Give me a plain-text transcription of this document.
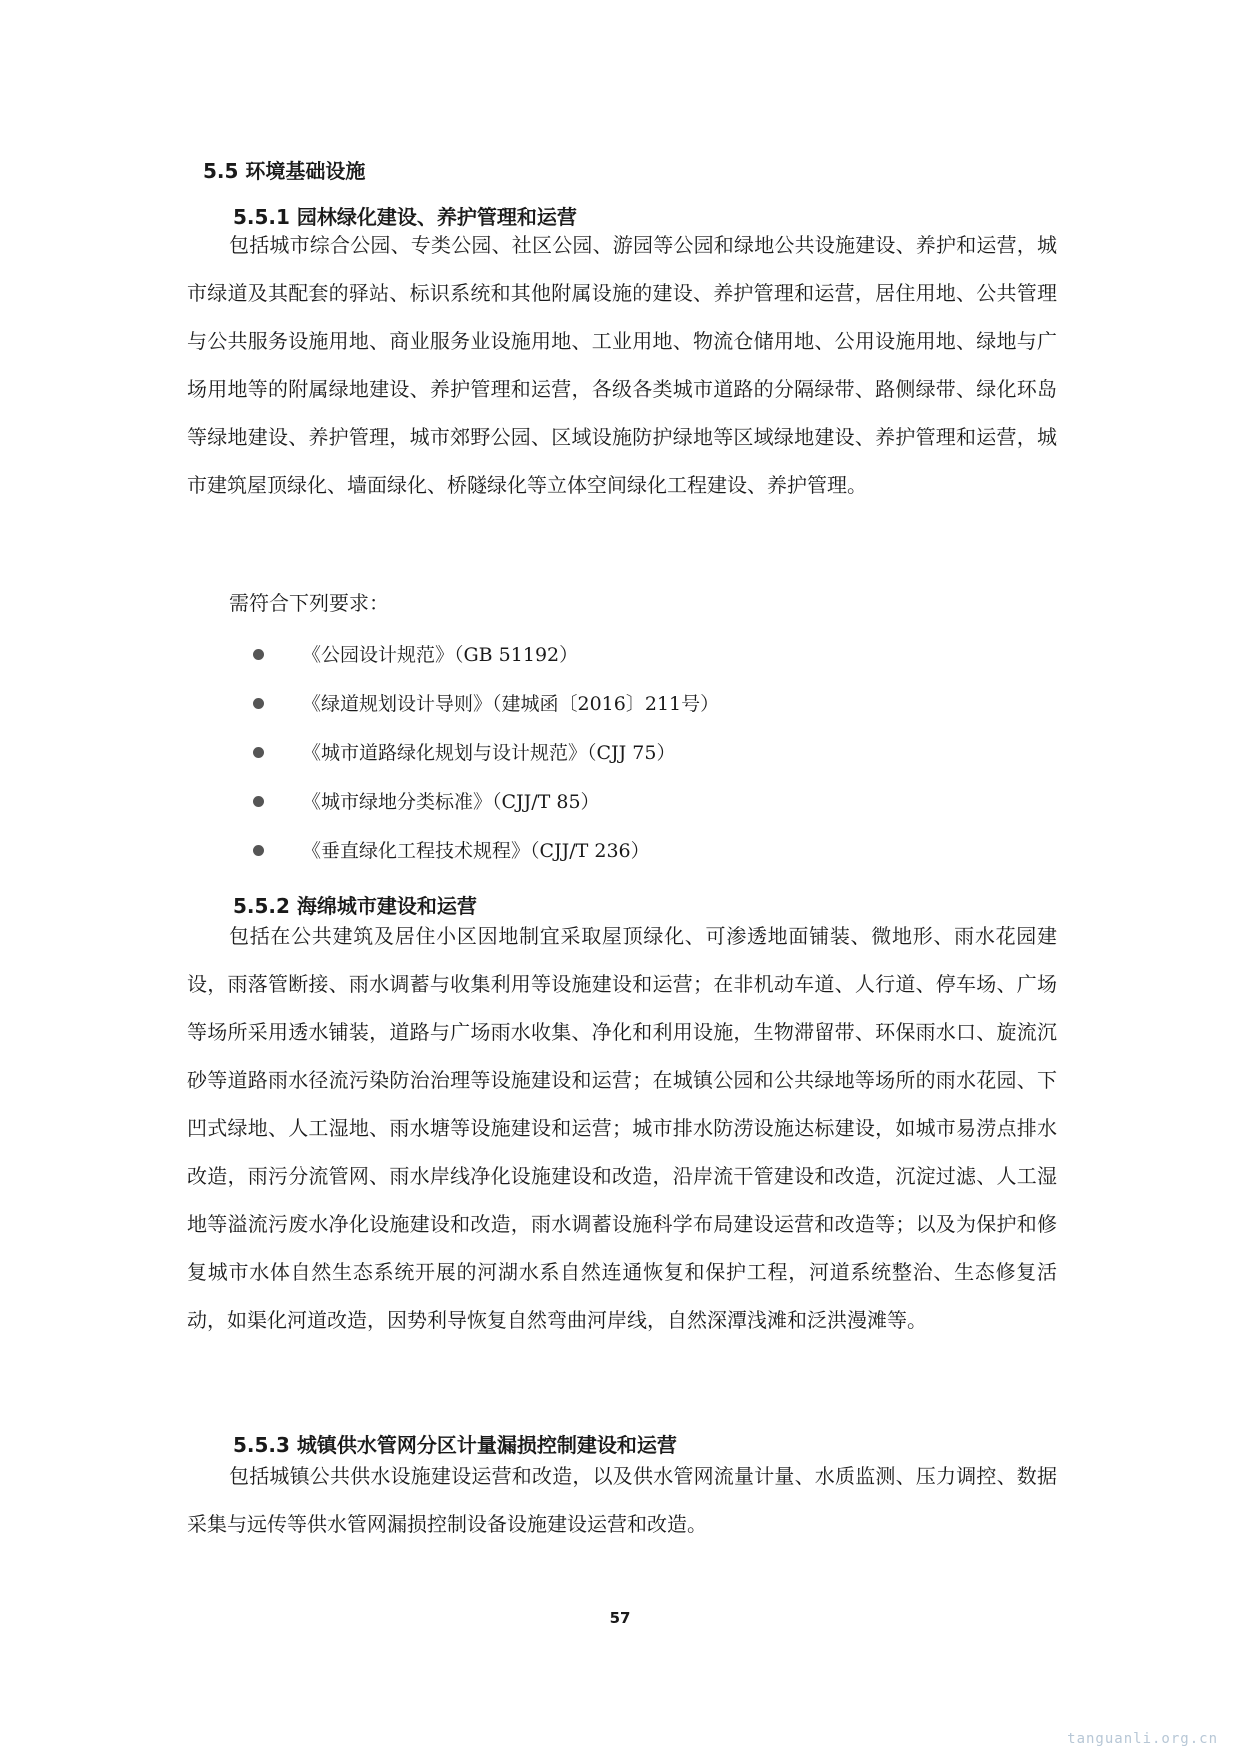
5.5 环境基础设施
5.5.1 园林绿化建设、养护管理和运营

包括城市综合公园、专类公园、社区公园、游园等公园和绿地公共设施建设、养护和运营，城市绿道及其配套的驿站、标识系统和其他附属设施的建设、养护管理和运营，居住用地、公共管理与公共服务设施用地、商业服务业设施用地、工业用地、物流仓储用地、公用设施用地、绿地与广场用地等的附属绿地建设、养护管理和运营，各级各类城市道路的分隔绿带、路侧绿带、绿化环岛等绿地建设、养护管理，城市郊野公园、区域设施防护绿地等区域绿地建设、养护管理和运营，城市建筑屋顶绿化、墙面绿化、桥隧绿化等立体空间绿化工程建设、养护管理。

需符合下列要求：
《公园设计规范》（GB 51192）
《绿道规划设计导则》（建城函〔2016〕211号）
《城市道路绿化规划与设计规范》（CJJ 75）
《城市绿地分类标准》（CJJ/T 85）
《垂直绿化工程技术规程》（CJJ/T 236）
5.5.2 海绵城市建设和运营

包括在公共建筑及居住小区因地制宜采取屋顶绿化、可渗透地面铺装、微地形、雨水花园建设，雨落管断接、雨水调蓄与收集利用等设施建设和运营；在非机动车道、人行道、停车场、广场等场所采用透水铺装，道路与广场雨水收集、净化和利用设施，生物滞留带、环保雨水口、旋流沉砂等道路雨水径流污染防治治理等设施建设和运营；在城镇公园和公共绿地等场所的雨水花园、下凹式绿地、人工湿地、雨水塘等设施建设和运营；城市排水防涝设施达标建设，如城市易涝点排水改造，雨污分流管网、雨水岸线净化设施建设和改造，沿岸流干管建设和改造，沉淀过滤、人工湿地等溢流污废水净化设施建设和改造，雨水调蓄设施科学布局建设运营和改造等；以及为保护和修复城市水体自然生态系统开展的河湖水系自然连通恢复和保护工程，河道系统整治、生态修复活动，如渠化河道改造，因势利导恢复自然弯曲河岸线，自然深潭浅滩和泛洪漫滩等。

5.5.3 城镇供水管网分区计量漏损控制建设和运营

包括城镇公共供水设施建设运营和改造，以及供水管网流量计量、水质监测、压力调控、数据采集与远传等供水管网漏损控制设备设施建设运营和改造。

57
tanguanli.org.cn
